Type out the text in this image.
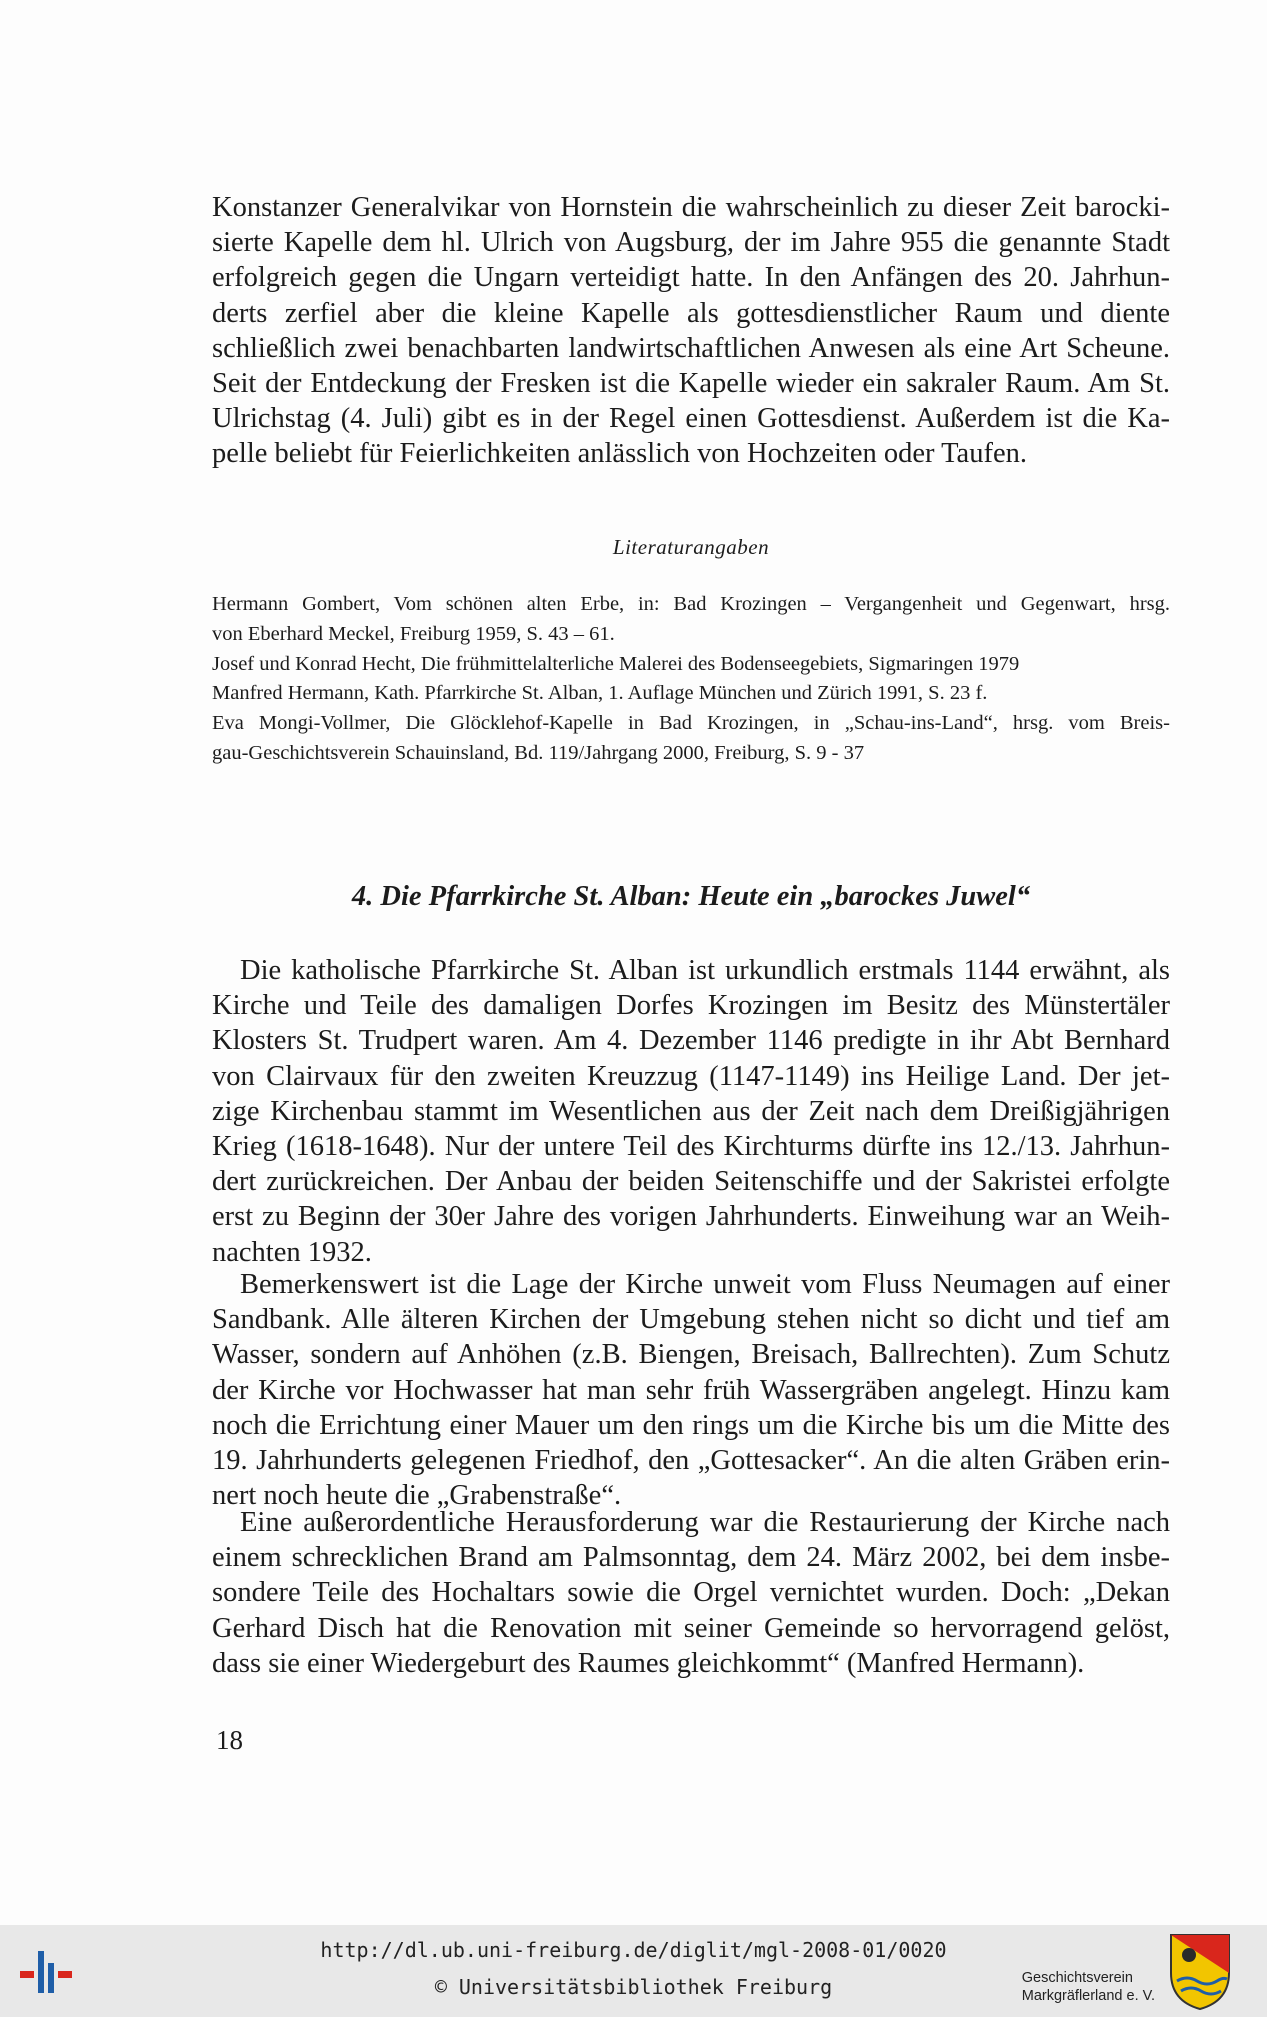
Konstanzer Generalvikar von Hornstein die wahrscheinlich zu dieser Zeit barocki-
sierte Kapelle dem hl. Ulrich von Augsburg, der im Jahre 955 die genannte Stadt
erfolgreich gegen die Ungarn verteidigt hatte. In den Anfängen des 20. Jahrhun-
derts zerfiel aber die kleine Kapelle als gottesdienstlicher Raum und diente
schließlich zwei benachbarten landwirtschaftlichen Anwesen als eine Art Scheune.
Seit der Entdeckung der Fresken ist die Kapelle wieder ein sakraler Raum. Am St.
Ulrichstag (4. Juli) gibt es in der Regel einen Gottesdienst. Außerdem ist die Ka-
pelle beliebt für Feierlichkeiten anlässlich von Hochzeiten oder Taufen.
Literaturangaben
Hermann Gombert, Vom schönen alten Erbe, in: Bad Krozingen – Vergangenheit und Gegenwart, hrsg.
von Eberhard Meckel, Freiburg 1959, S. 43 – 61.
Josef und Konrad Hecht, Die frühmittelalterliche Malerei des Bodenseegebiets, Sigmaringen 1979
Manfred Hermann, Kath. Pfarrkirche St. Alban, 1. Auflage München und Zürich 1991, S. 23 f.
Eva Mongi-Vollmer, Die Glöcklehof-Kapelle in Bad Krozingen, in „Schau-ins-Land“, hrsg. vom Breis-
gau-Geschichtsverein Schauinsland, Bd. 119/Jahrgang 2000, Freiburg, S. 9 - 37
4. Die Pfarrkirche St. Alban: Heute ein „barockes Juwel“
Die katholische Pfarrkirche St. Alban ist urkundlich erstmals 1144 erwähnt, als
Kirche und Teile des damaligen Dorfes Krozingen im Besitz des Münstertäler
Klosters St. Trudpert waren. Am 4. Dezember 1146 predigte in ihr Abt Bernhard
von Clairvaux für den zweiten Kreuzzug (1147-1149) ins Heilige Land. Der jet-
zige Kirchenbau stammt im Wesentlichen aus der Zeit nach dem Dreißigjährigen
Krieg (1618-1648). Nur der untere Teil des Kirchturms dürfte ins 12./13. Jahrhun-
dert zurückreichen. Der Anbau der beiden Seitenschiffe und der Sakristei erfolgte
erst zu Beginn der 30er Jahre des vorigen Jahrhunderts. Einweihung war an Weih-
nachten 1932.
Bemerkenswert ist die Lage der Kirche unweit vom Fluss Neumagen auf einer
Sandbank. Alle älteren Kirchen der Umgebung stehen nicht so dicht und tief am
Wasser, sondern auf Anhöhen (z.B. Biengen, Breisach, Ballrechten). Zum Schutz
der Kirche vor Hochwasser hat man sehr früh Wassergräben angelegt. Hinzu kam
noch die Errichtung einer Mauer um den rings um die Kirche bis um die Mitte des
19. Jahrhunderts gelegenen Friedhof, den „Gottesacker“. An die alten Gräben erin-
nert noch heute die „Grabenstraße“.
Eine außerordentliche Herausforderung war die Restaurierung der Kirche nach
einem schrecklichen Brand am Palmsonntag, dem 24. März 2002, bei dem insbe-
sondere Teile des Hochaltars sowie die Orgel vernichtet wurden. Doch: „Dekan
Gerhard Disch hat die Renovation mit seiner Gemeinde so hervorragend gelöst,
dass sie einer Wiedergeburt des Raumes gleichkommt“ (Manfred Hermann).
18
http://dl.ub.uni-freiburg.de/diglit/mgl-2008-01/0020
© Universitätsbibliothek Freiburg	Geschichtsverein
Markgräflerland e. V.
